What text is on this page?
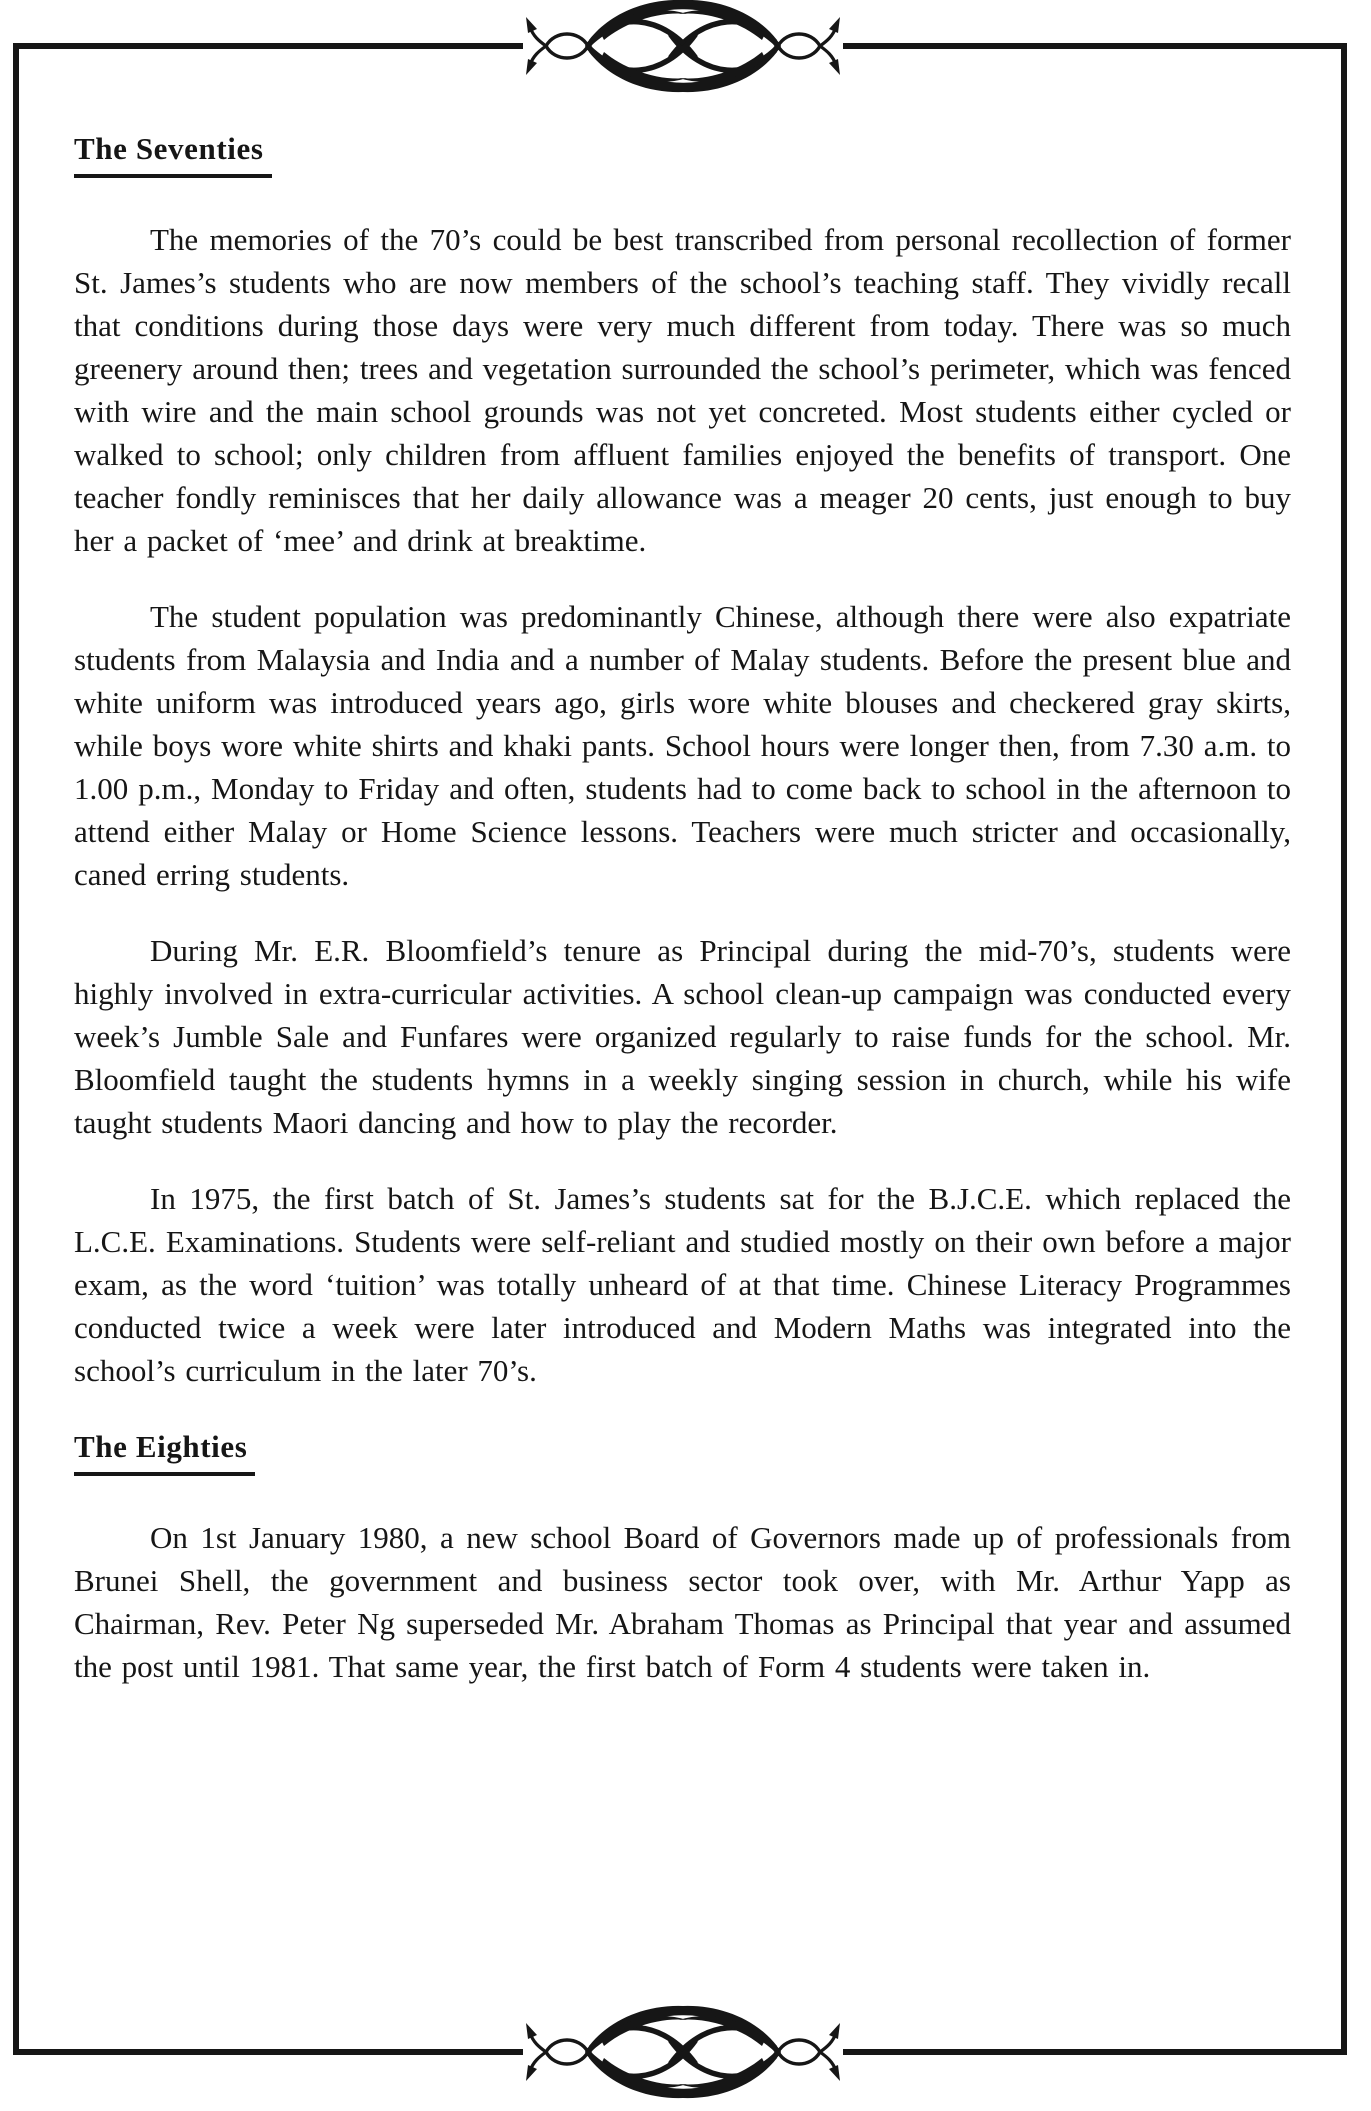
The Seventies

The memories of the 70’s could be best transcribed from personal recollection of former St. James’s students who are now members of the school’s teaching staff. They vividly recall that conditions during those days were very much different from today. There was so much greenery around then; trees and vegetation surrounded the school’s perimeter, which was fenced with wire and the main school grounds was not yet concreted. Most students either cycled or walked to school; only children from affluent families enjoyed the benefits of transport. One teacher fondly reminisces that her daily allowance was a meager 20 cents, just enough to buy her a packet of ‘mee’ and drink at breaktime.

The student population was predominantly Chinese, although there were also expatriate students from Malaysia and India and a number of Malay students. Before the present blue and white uniform was introduced years ago, girls wore white blouses and checkered gray skirts, while boys wore white shirts and khaki pants. School hours were longer then, from 7.30 a.m. to 1.00 p.m., Monday to Friday and often, students had to come back to school in the afternoon to attend either Malay or Home Science lessons. Teachers were much stricter and occasionally, caned erring students.

During Mr. E.R. Bloomfield’s tenure as Principal during the mid-70’s, students were highly involved in extra-curricular activities. A school clean-up campaign was conducted every week’s Jumble Sale and Funfares were organized regularly to raise funds for the school. Mr. Bloomfield taught the students hymns in a weekly singing session in church, while his wife taught students Maori dancing and how to play the recorder.

In 1975, the first batch of St. James’s students sat for the B.J.C.E. which replaced the L.C.E. Examinations. Students were self-reliant and studied mostly on their own before a major exam, as the word ‘tuition’ was totally unheard of at that time. Chinese Literacy Programmes conducted twice a week were later introduced and Modern Maths was integrated into the school’s curriculum in the later 70’s.

The Eighties

On 1st January 1980, a new school Board of Governors made up of professionals from Brunei Shell, the government and business sector took over, with Mr. Arthur Yapp as Chairman, Rev. Peter Ng superseded Mr. Abraham Thomas as Principal that year and assumed the post until 1981. That same year, the first batch of Form 4 students were taken in.
